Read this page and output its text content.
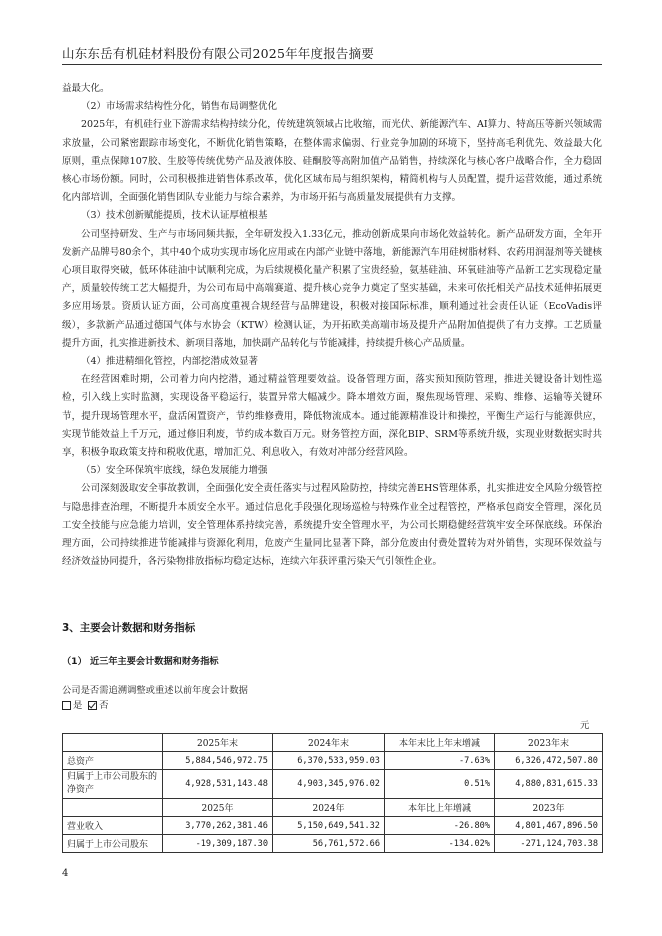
山东东岳有机硅材料股份有限公司2025年年度报告摘要

益最大化。

（2）市场需求结构性分化，销售布局调整优化

2025年，有机硅行业下游需求结构持续分化，传统建筑领域占比收缩，而光伏、新能源汽车、AI算力、特高压等新兴领域需求放量，公司紧密跟踪市场变化，不断优化销售策略，在整体需求偏弱、行业竞争加剧的环境下，坚持高毛利优先、效益最大化原则，重点保障107胶、生胶等传统优势产品及液体胶、硅酮胶等高附加值产品销售，持续深化与核心客户战略合作，全力稳固核心市场份额。同时，公司积极推进销售体系改革，优化区域布局与组织架构，精简机构与人员配置，提升运营效能，通过系统化内部培训，全面强化销售团队专业能力与综合素养，为市场开拓与高质量发展提供有力支撑。

（3）技术创新赋能提质，技术认证厚植根基

公司坚持研发、生产与市场同频共振，全年研发投入1.33亿元，推动创新成果向市场化效益转化。新产品研发方面，全年开发新产品牌号80余个，其中40个成功实现市场化应用或在内部产业链中落地，新能源汽车用硅树脂材料、农药用润湿剂等关键核心项目取得突破，低环体硅油中试顺利完成，为后续规模化量产积累了宝贵经验，氨基硅油、环氧硅油等产品新工艺实现稳定量产，质量较传统工艺大幅提升，为公司布局中高端赛道、提升核心竞争力奠定了坚实基础，未来可依托相关产品技术延伸拓展更多应用场景。资质认证方面，公司高度重视合规经营与品牌建设，积极对接国际标准，顺利通过社会责任认证（EcoVadis评级），多款新产品通过德国气体与水协会（KTW）检测认证，为开拓欧美高端市场及提升产品附加值提供了有力支撑。工艺质量提升方面，扎实推进新技术、新项目落地，加快副产品转化与节能减排，持续提升核心产品质量。

（4）推进精细化管控，内部挖潜成效显著

在经营困难时期，公司着力向内挖潜，通过精益管理要效益。设备管理方面，落实预知预防管理，推进关键设备计划性巡检，引入线上实时监测，实现设备平稳运行，装置异常大幅减少。降本增效方面，聚焦现场管理、采购、维修、运输等关键环节，提升现场管理水平，盘活闲置资产，节约维修费用，降低物流成本。通过能源精准设计和操控，平衡生产运行与能源供应，实现节能效益上千万元，通过修旧利废，节约成本数百万元。财务管控方面，深化BIP、SRM等系统升级，实现业财数据实时共享，积极争取政策支持和税收优惠，增加汇兑、利息收入，有效对冲部分经营风险。

（5）安全环保筑牢底线，绿色发展能力增强

公司深刻汲取安全事故教训，全面强化安全责任落实与过程风险防控，持续完善EHS管理体系，扎实推进安全风险分级管控与隐患排查治理，不断提升本质安全水平。通过信息化手段强化现场巡检与特殊作业全过程管控，严格承包商安全管理，深化员工安全技能与应急能力培训，安全管理体系持续完善，系统提升安全管理水平，为公司长期稳健经营筑牢安全环保底线。环保治理方面，公司持续推进节能减排与资源化利用，危废产生量同比显著下降，部分危废由付费处置转为对外销售，实现环保效益与经济效益协同提升，各污染物排放指标均稳定达标，连续六年获评重污染天气引领性企业。

3、主要会计数据和财务指标
（1） 近三年主要会计数据和财务指标
公司是否需追溯调整或重述以前年度会计数据
是 否
元
	2025年末	2024年末	本年末比上年末增减	2023年末
总资产	5,884,546,972.75	6,370,533,959.03	-7.63%	6,326,472,507.80
归属于上市公司股东的净资产	4,928,531,143.48	4,903,345,976.02	0.51%	4,880,831,615.33
	2025年	2024年	本年比上年增减	2023年
营业收入	3,770,262,381.46	5,150,649,541.32	-26.80%	4,801,467,896.50
归属于上市公司股东	-19,309,187.30	56,761,572.66	-134.02%	-271,124,703.38
4
